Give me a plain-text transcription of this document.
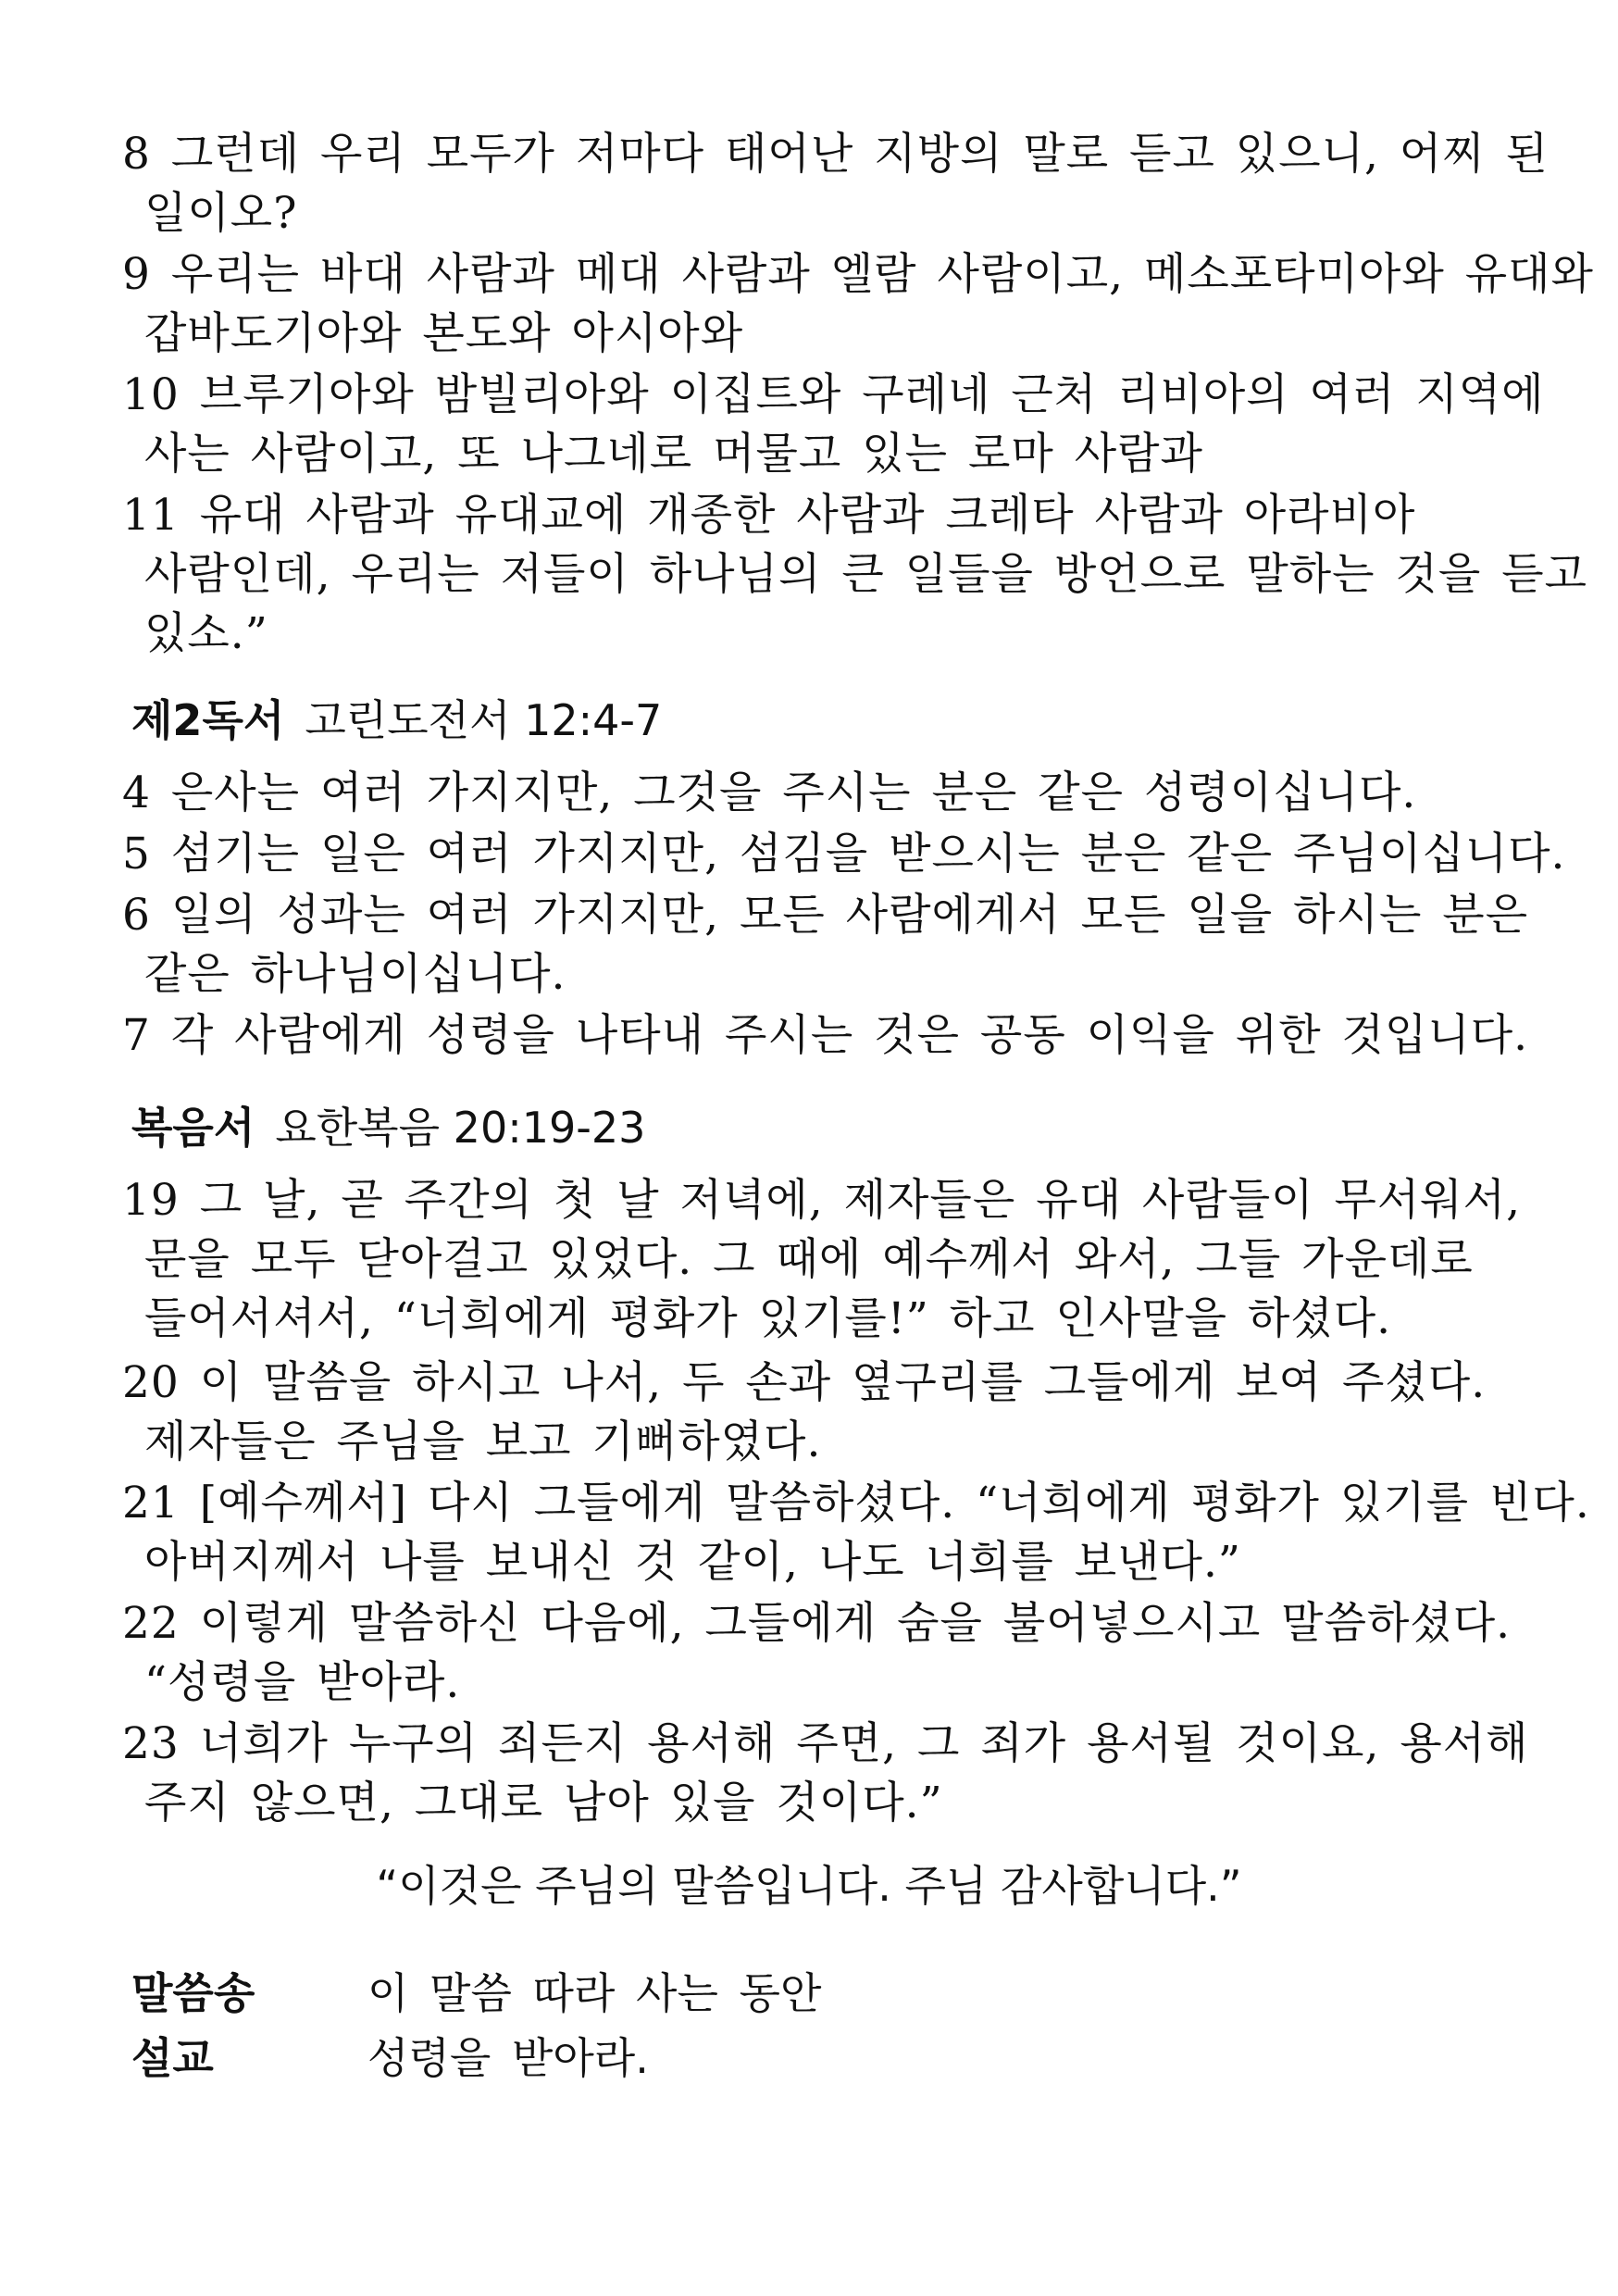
8 그런데 우리 모두가 저마다 태어난 지방의 말로 듣고 있으니, 어찌 된
일이오?

9 우리는 바대 사람과 메대 사람과 엘람 사람이고, 메소포타미아와 유대와
갑바도기아와 본도와 아시아와

10 브루기아와 밤빌리아와 이집트와 구레네 근처 리비아의 여러 지역에
사는 사람이고, 또 나그네로 머물고 있는 로마 사람과

11 유대 사람과 유대교에 개종한 사람과 크레타 사람과 아라비아
사람인데, 우리는 저들이 하나님의 큰 일들을 방언으로 말하는 것을 듣고
있소.”

제2독서 고린도전서 12:4-7

4 은사는 여러 가지지만, 그것을 주시는 분은 같은 성령이십니다.

5 섬기는 일은 여러 가지지만, 섬김을 받으시는 분은 같은 주님이십니다.

6 일의 성과는 여러 가지지만, 모든 사람에게서 모든 일을 하시는 분은
같은 하나님이십니다.

7 각 사람에게 성령을 나타내 주시는 것은 공동 이익을 위한 것입니다.

복음서 요한복음 20:19-23

19 그 날, 곧 주간의 첫 날 저녁에, 제자들은 유대 사람들이 무서워서,
문을 모두 닫아걸고 있었다. 그 때에 예수께서 와서, 그들 가운데로
들어서셔서, “너희에게 평화가 있기를!” 하고 인사말을 하셨다.

20 이 말씀을 하시고 나서, 두 손과 옆구리를 그들에게 보여 주셨다.
제자들은 주님을 보고 기뻐하였다.

21 [예수께서] 다시 그들에게 말씀하셨다. “너희에게 평화가 있기를 빈다.
아버지께서 나를 보내신 것 같이, 나도 너희를 보낸다.”

22 이렇게 말씀하신 다음에, 그들에게 숨을 불어넣으시고 말씀하셨다.
“성령을 받아라.

23 너희가 누구의 죄든지 용서해 주면, 그 죄가 용서될 것이요, 용서해
주지 않으면, 그대로 남아 있을 것이다.”

“이것은 주님의 말씀입니다. 주님 감사합니다.”

말씀송	이 말씀 따라 사는 동안

설교	성령을 받아라.
